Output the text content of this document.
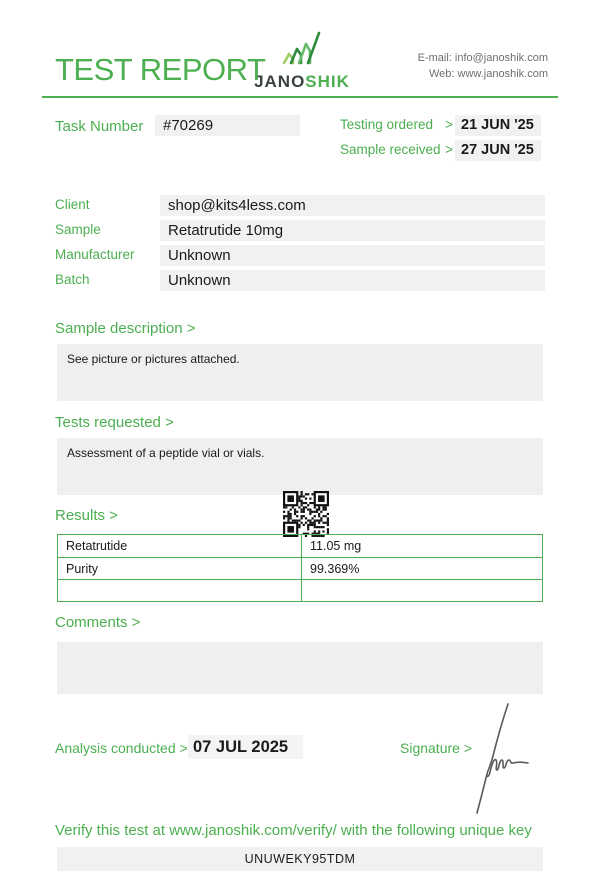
TEST REPORT
JANOSHIK
E-mail: info@janoshik.com
Web: www.janoshik.com
Task Number	#70269	Testing ordered > 21 JUN '25
Sample received > 27 JUN '25
Client	shop@kits4less.com
Sample	Retatrutide 10mg
Manufacturer	Unknown
Batch	Unknown
Sample description >
See picture or pictures attached.
Tests requested >
Assessment of a peptide vial or vials.
Results >
Retatrutide	11.05 mg
Purity	99.369%
Comments >
Analysis conducted > 07 JUL 2025	Signature >
Verify this test at www.janoshik.com/verify/ with the following unique key
UNUWEKY95TDM
